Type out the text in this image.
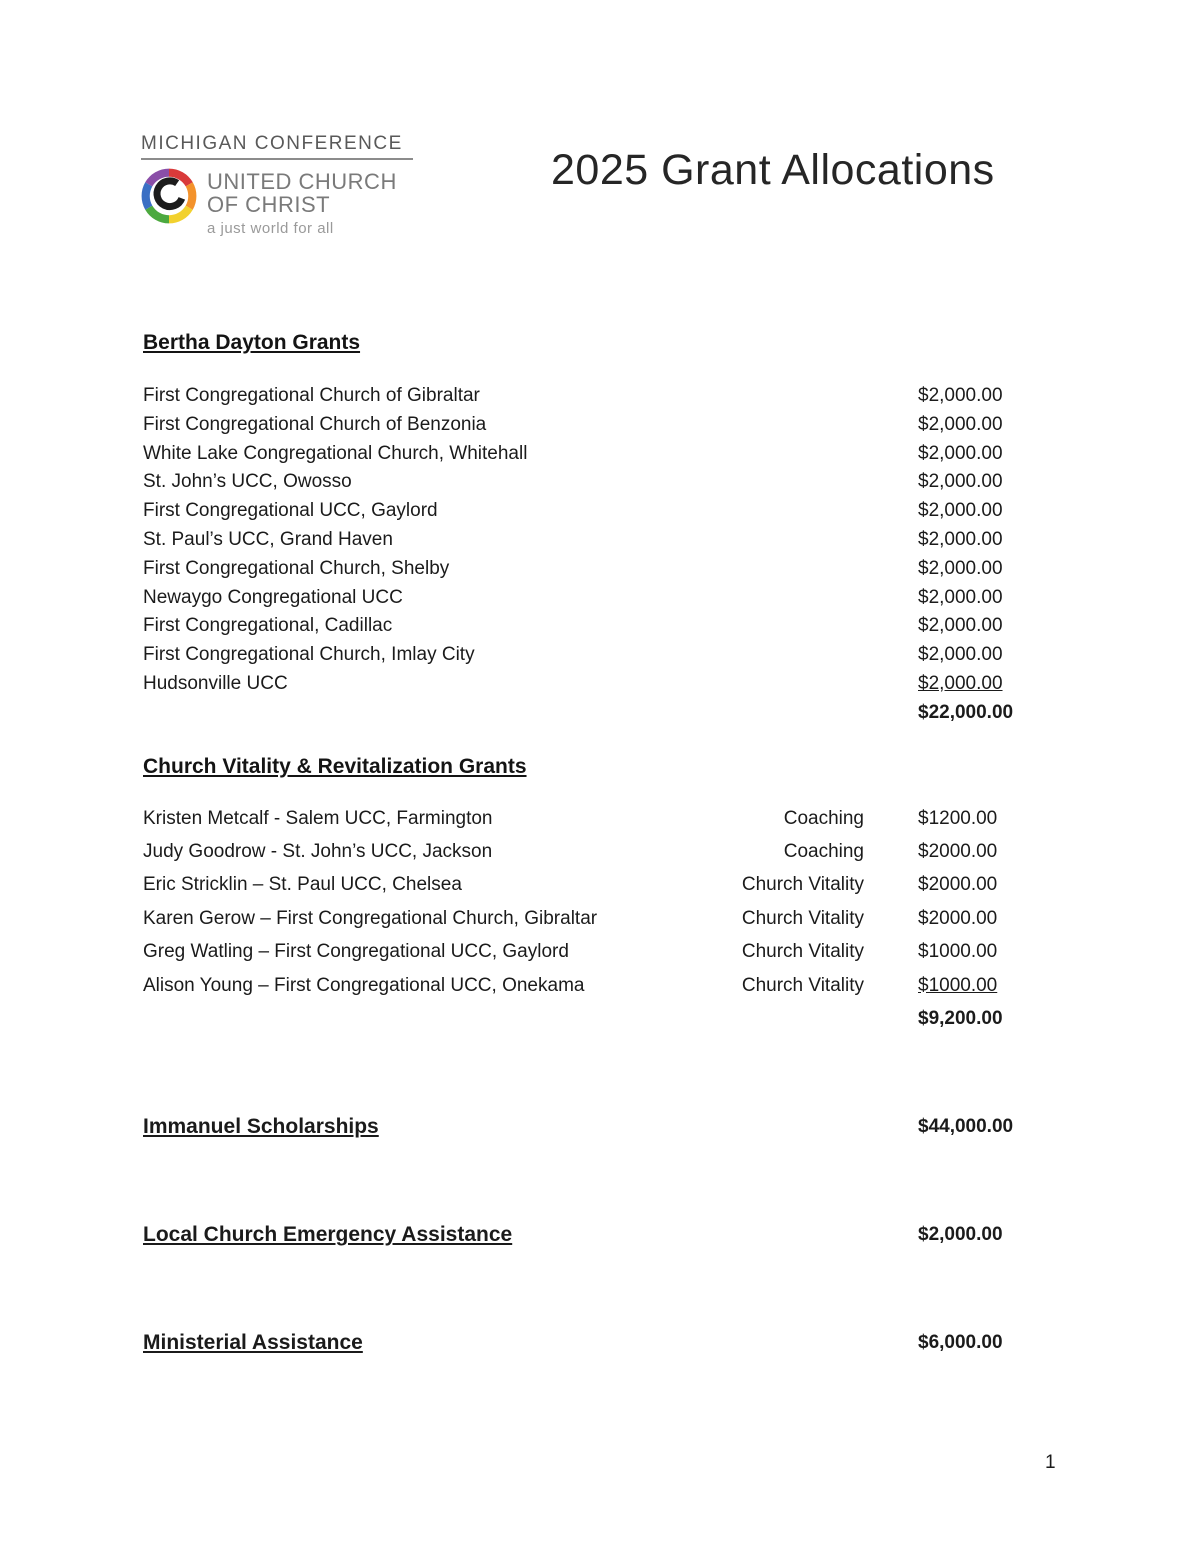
MICHIGAN CONFERENCE
UNITED CHURCH
OF CHRIST
a just world for all
2025 Grant Allocations
Bertha Dayton Grants
First Congregational Church of Gibraltar	$2,000.00
First Congregational Church of Benzonia	$2,000.00
White Lake Congregational Church, Whitehall	$2,000.00
St. John’s UCC, Owosso	$2,000.00
First Congregational UCC, Gaylord	$2,000.00
St. Paul’s UCC, Grand Haven	$2,000.00
First Congregational Church, Shelby	$2,000.00
Newaygo Congregational UCC	$2,000.00
First Congregational, Cadillac	$2,000.00
First Congregational Church, Imlay City	$2,000.00
Hudsonville UCC	$2,000.00
$22,000.00
Church Vitality & Revitalization Grants
Kristen Metcalf - Salem UCC, Farmington	Coaching	$1200.00
Judy Goodrow - St. John’s UCC, Jackson	Coaching	$2000.00
Eric Stricklin – St. Paul UCC, Chelsea	Church Vitality	$2000.00
Karen Gerow – First Congregational Church, Gibraltar	Church Vitality	$2000.00
Greg Watling – First Congregational UCC, Gaylord	Church Vitality	$1000.00
Alison Young – First Congregational UCC, Onekama	Church Vitality	$1000.00
$9,200.00
Immanuel Scholarships	$44,000.00
Local Church Emergency Assistance	$2,000.00
Ministerial Assistance	$6,000.00
1
